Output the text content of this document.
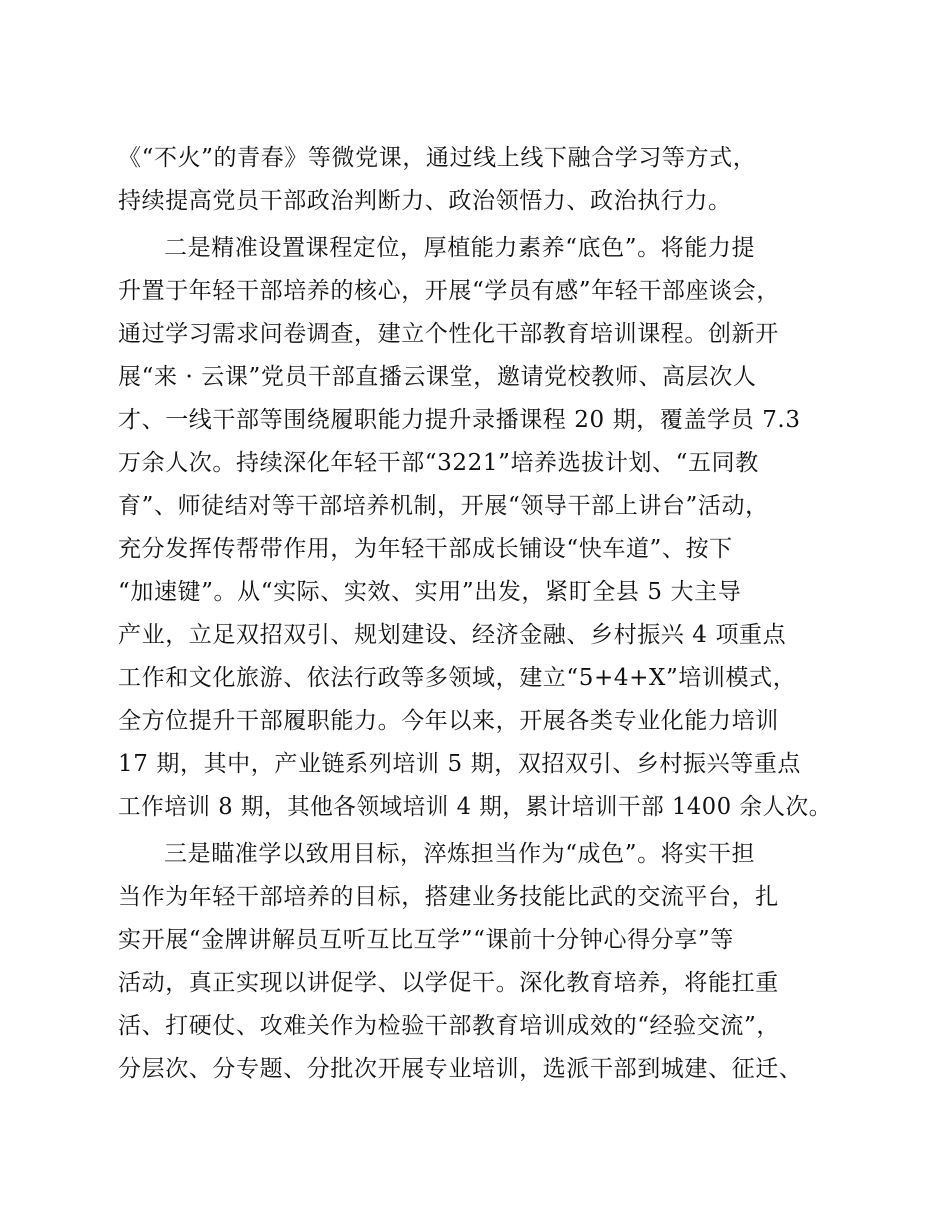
《“不火”的青春》等微党课，通过线上线下融合学习等方式，
持续提高党员干部政治判断力、政治领悟力、政治执行力。
二是精准设置课程定位，厚植能力素养“底色”。将能力提
升置于年轻干部培养的核心，开展“学员有感”年轻干部座谈会，
通过学习需求问卷调查，建立个性化干部教育培训课程。创新开
展“来 · 云课”党员干部直播云课堂，邀请党校教师、高层次人
才、一线干部等围绕履职能力提升录播课程 20 期，覆盖学员 7.3
万余人次。持续深化年轻干部“3221”培养选拔计划、“五同教
育”、师徒结对等干部培养机制，开展“领导干部上讲台”活动，
充分发挥传帮带作用，为年轻干部成长铺设“快车道”、按下
“加速键”。从“实际、实效、实用”出发，紧盯全县 5 大主导
产业，立足双招双引、规划建设、经济金融、乡村振兴 4 项重点
工作和文化旅游、依法行政等多领域，建立“5+4+X”培训模式，
全方位提升干部履职能力。今年以来，开展各类专业化能力培训
17 期，其中，产业链系列培训 5 期，双招双引、乡村振兴等重点
工作培训 8 期，其他各领域培训 4 期，累计培训干部 1400 余人次。
三是瞄准学以致用目标，淬炼担当作为“成色”。将实干担
当作为年轻干部培养的目标，搭建业务技能比武的交流平台，扎
实开展“金牌讲解员互听互比互学”“课前十分钟心得分享”等
活动，真正实现以讲促学、以学促干。深化教育培养，将能扛重
活、打硬仗、攻难关作为检验干部教育培训成效的“经验交流”，
分层次、分专题、分批次开展专业培训，选派干部到城建、征迁、
